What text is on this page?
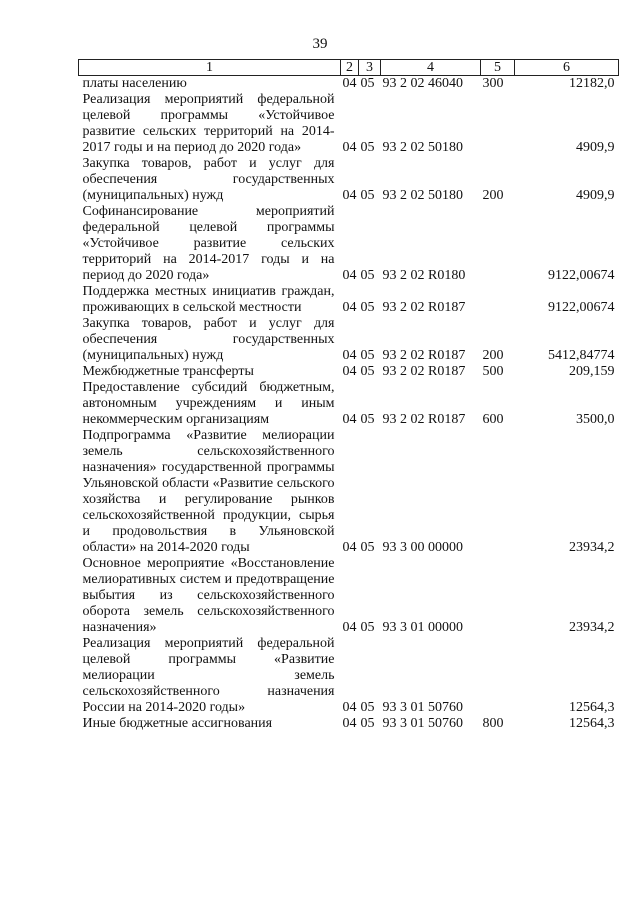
39
1	2	3	4	5	6
платы населению	04	05	93 2 02 46040	300	12182,0
Реализация мероприятий федеральной целевой программы «Устойчивое развитие сельских территорий на 2014-2017 годы и на период до 2020 года»	04	05	93 2 02 50180		4909,9
Закупка товаров, работ и услуг для обеспечения государственных (муниципальных) нужд	04	05	93 2 02 50180	200	4909,9
Софинансирование мероприятий федеральной целевой программы «Устойчивое развитие сельских территорий на 2014-2017 годы и на период до 2020 года»	04	05	93 2 02 R0180		9122,00674
Поддержка местных инициатив граждан, проживающих в сельской местности	04	05	93 2 02 R0187		9122,00674
Закупка товаров, работ и услуг для обеспечения государственных (муниципальных) нужд	04	05	93 2 02 R0187	200	5412,84774
Межбюджетные трансферты	04	05	93 2 02 R0187	500	209,159
Предоставление субсидий бюджетным, автономным учреждениям и иным некоммерческим организациям	04	05	93 2 02 R0187	600	3500,0
Подпрограмма «Развитие мелиорации земель сельскохозяйственного назначения» государственной программы Ульяновской области «Развитие сельского хозяйства и регулирование рынков сельскохозяйственной продукции, сырья и продовольствия в Ульяновской области» на 2014-2020 годы	04	05	93 3 00 00000		23934,2
Основное мероприятие «Восстановление мелиоративных систем и предотвращение выбытия из сельскохозяйственного оборота земель сельскохозяйственного назначения»	04	05	93 3 01 00000		23934,2
Реализация мероприятий федеральной целевой программы «Развитие мелиорации земель сельскохозяйственного назначения России на 2014-2020 годы»	04	05	93 3 01 50760		12564,3
Иные бюджетные ассигнования	04	05	93 3 01 50760	800	12564,3
